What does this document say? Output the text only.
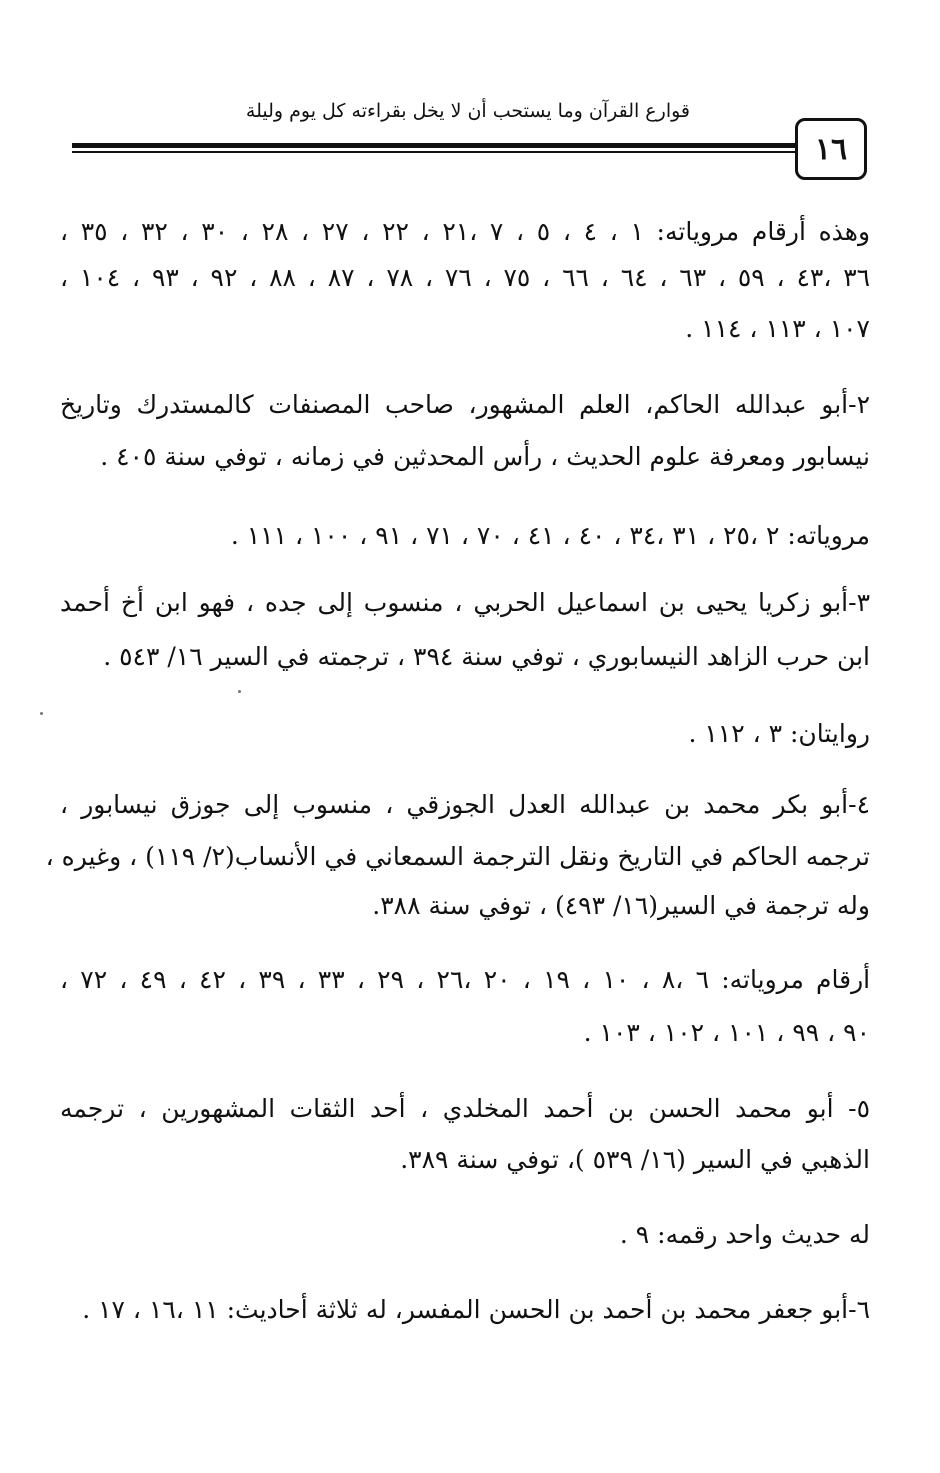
قوارع القرآن وما يستحب أن لا يخل بقراءته كل يوم وليلة
١٦
وهذه أرقام مروياته: ١ ، ٤ ، ٥ ، ٧ ،٢١ ، ٢٢ ، ٢٧ ، ٢٨ ، ٣٠ ، ٣٢ ، ٣٥ ،
٣٦ ،٤٣ ، ٥٩ ، ٦٣ ، ٦٤ ، ٦٦ ، ٧٥ ، ٧٦ ، ٧٨ ، ٨٧ ، ٨٨ ، ٩٢ ، ٩٣ ، ١٠٤ ،
١٠٧ ، ١١٣ ، ١١٤ .
٢-أبو عبدالله الحاكم، العلم المشهور، صاحب المصنفات كالمستدرك وتاريخ
نيسابور ومعرفة علوم الحديث ، رأس المحدثين في زمانه ، توفي سنة ٤٠٥ .
مروياته: ٢ ،٢٥ ، ٣١ ،٣٤ ، ٤٠ ، ٤١ ، ٧٠ ، ٧١ ، ٩١ ، ١٠٠ ، ١١١ .
٣-أبو زكريا يحيى بن اسماعيل الحربي ، منسوب إلى جده ، فهو ابن أخ أحمد
ابن حرب الزاهد النيسابوري ، توفي سنة ٣٩٤ ، ترجمته في السير ١٦/ ٥٤٣ .
روايتان: ٣ ، ١١٢ .
٤-أبو بكر محمد بن عبدالله العدل الجوزقي ، منسوب إلى جوزق نيسابور ،
ترجمه الحاكم في التاريخ ونقل الترجمة السمعاني في الأنساب(٢/ ١١٩) ، وغيره ،
وله ترجمة في السير(١٦/ ٤٩٣) ، توفي سنة ٣٨٨.
أرقام مروياته: ٦ ،٨ ، ١٠ ، ١٩ ، ٢٠ ،٢٦ ، ٢٩ ، ٣٣ ، ٣٩ ، ٤٢ ، ٤٩ ، ٧٢ ،
٩٠ ، ٩٩ ، ١٠١ ، ١٠٢ ، ١٠٣ .
٥- أبو محمد الحسن بن أحمد المخلدي ، أحد الثقات المشهورين ، ترجمه
الذهبي في السير (١٦/ ٥٣٩ )، توفي سنة ٣٨٩.
له حديث واحد رقمه: ٩ .
٦-أبو جعفر محمد بن أحمد بن الحسن المفسر، له ثلاثة أحاديث: ١١ ،١٦ ، ١٧ .
